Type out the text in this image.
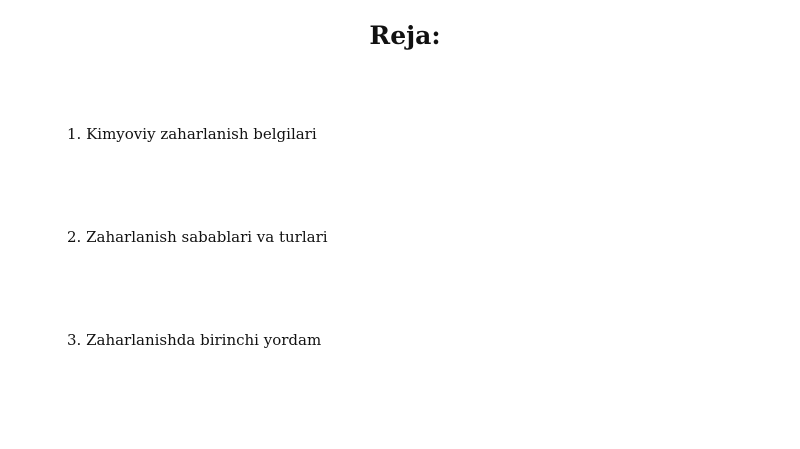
Reja:
1. Kimyoviy zaharlanish belgilari
2. Zaharlanish sabablari va turlari
3. Zaharlanishda birinchi yordam
